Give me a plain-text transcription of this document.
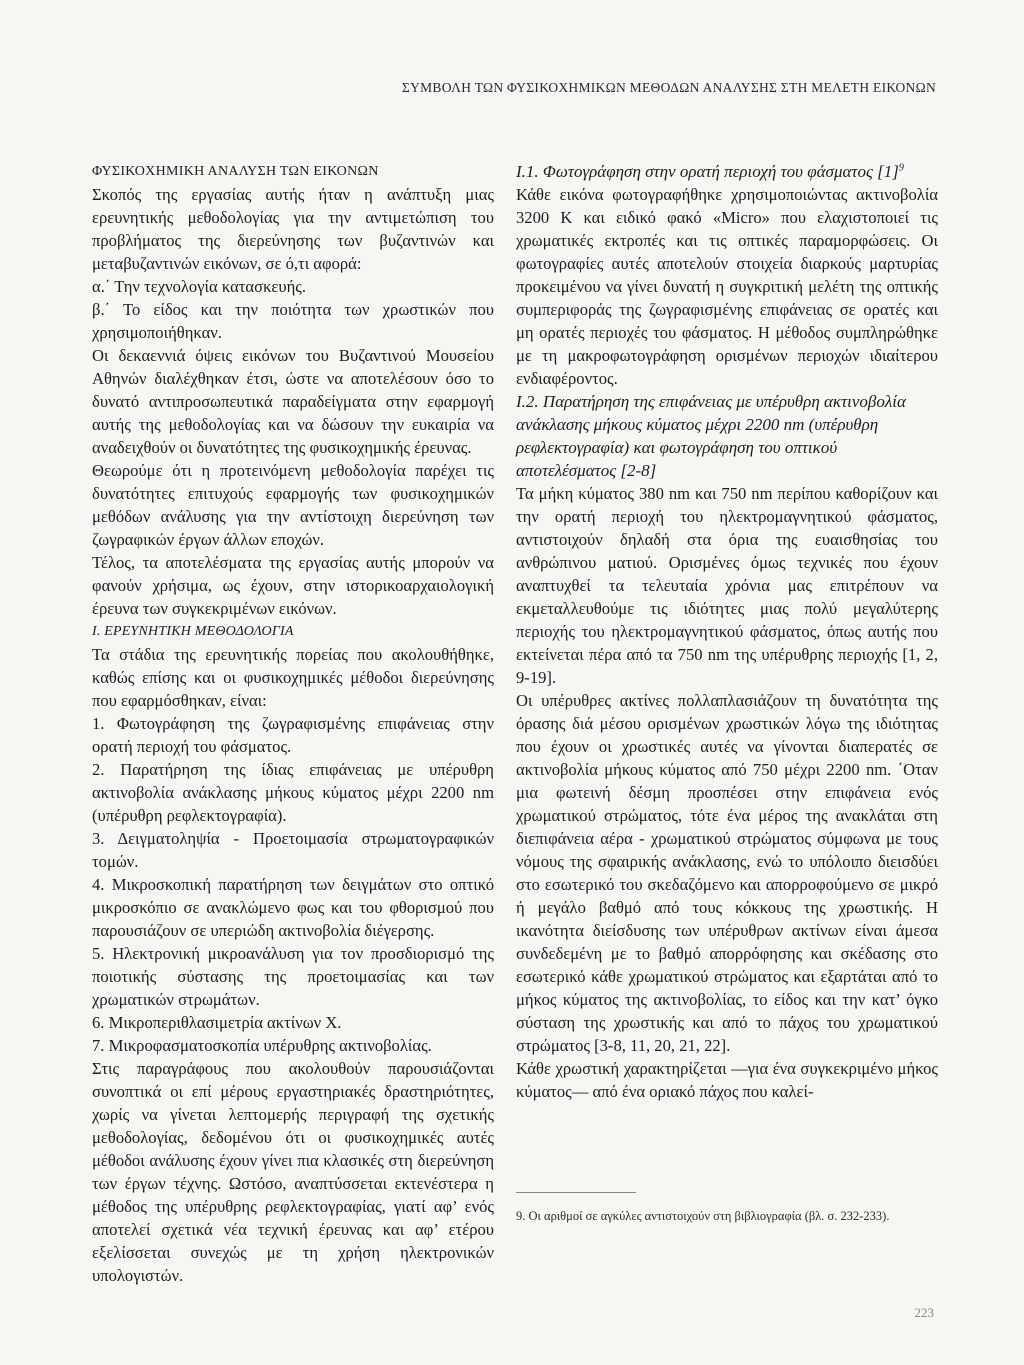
ΣΥΜΒΟΛΗ ΤΩΝ ΦΥΣΙΚΟΧΗΜΙΚΩΝ ΜΕΘΟΔΩΝ ΑΝΑΛΥΣΗΣ ΣΤΗ ΜΕΛΕΤΗ ΕΙΚΟΝΩΝ

ΦΥΣΙΚΟΧΗΜΙΚΗ ΑΝΑΛΥΣΗ ΤΩΝ ΕΙΚΟΝΩΝ

Σκοπός της εργασίας αυτής ήταν η ανάπτυξη μιας ερευνητικής μεθοδολογίας για την αντιμετώπιση του προβλήματος της διερεύνησης των βυζαντινών και μεταβυζαντινών εικόνων, σε ό,τι αφορά:

α.΄ Την τεχνολογία κατασκευής.

β.΄ Το είδος και την ποιότητα των χρωστικών που χρησιμοποιήθηκαν.

Οι δεκαεννιά όψεις εικόνων του Βυζαντινού Μουσείου Αθηνών διαλέχθηκαν έτσι, ώστε να αποτελέσουν όσο το δυνατό αντιπροσωπευτικά παραδείγματα στην εφαρμογή αυτής της μεθοδολογίας και να δώσουν την ευκαιρία να αναδειχθούν οι δυνατότητες της φυσικοχημικής έρευνας.

Θεωρούμε ότι η προτεινόμενη μεθοδολογία παρέχει τις δυνατότητες επιτυχούς εφαρμογής των φυσικοχημικών μεθόδων ανάλυσης για την αντίστοιχη διερεύνηση των ζωγραφικών έργων άλλων εποχών.

Τέλος, τα αποτελέσματα της εργασίας αυτής μπορούν να φανούν χρήσιμα, ως έχουν, στην ιστορικοαρχαιολογική έρευνα των συγκεκριμένων εικόνων.

Ι. ΕΡΕΥΝΗΤΙΚΗ ΜΕΘΟΔΟΛΟΓΙΑ

Τα στάδια της ερευνητικής πορείας που ακολουθήθηκε, καθώς επίσης και οι φυσικοχημικές μέθοδοι διερεύνησης που εφαρμόσθηκαν, είναι:

1. Φωτογράφηση της ζωγραφισμένης επιφάνειας στην ορατή περιοχή του φάσματος.

2. Παρατήρηση της ίδιας επιφάνειας με υπέρυθρη ακτινοβολία ανάκλασης μήκους κύματος μέχρι 2200 nm (υπέρυθρη ρεφλεκτογραφία).

3. Δειγματοληψία - Προετοιμασία στρωματογραφικών τομών.

4. Μικροσκοπική παρατήρηση των δειγμάτων στο οπτικό μικροσκόπιο σε ανακλώμενο φως και του φθορισμού που παρουσιάζουν σε υπεριώδη ακτινοβολία διέγερσης.

5. Ηλεκτρονική μικροανάλυση για τον προσδιορισμό της ποιοτικής σύστασης της προετοιμασίας και των χρωματικών στρωμάτων.

6. Μικροπεριθλασιμετρία ακτίνων Χ.

7. Μικροφασματοσκοπία υπέρυθρης ακτινοβολίας.

Στις παραγράφους που ακολουθούν παρουσιάζονται συνοπτικά οι επί μέρους εργαστηριακές δραστηριότητες, χωρίς να γίνεται λεπτομερής περιγραφή της σχετικής μεθοδολογίας, δεδομένου ότι οι φυσικοχημικές αυτές μέθοδοι ανάλυσης έχουν γίνει πια κλασικές στη διερεύνηση των έργων τέχνης. Ωστόσο, αναπτύσσεται εκτενέστερα η μέθοδος της υπέρυθρης ρεφλεκτογραφίας, γιατί αφ’ ενός αποτελεί σχετικά νέα τεχνική έρευνας και αφ’ ετέρου εξελίσσεται συνεχώς με τη χρήση ηλεκτρονικών υπολογιστών.

Ι.1. Φωτογράφηση στην ορατή περιοχή του φάσματος $[1]^9$

Κάθε εικόνα φωτογραφήθηκε χρησιμοποιώντας ακτινοβολία 3200 Κ και ειδικό φακό «Micro» που ελαχιστοποιεί τις χρωματικές εκτροπές και τις οπτικές παραμορφώσεις. Οι φωτογραφίες αυτές αποτελούν στοιχεία διαρκούς μαρτυρίας προκειμένου να γίνει δυνατή η συγκριτική μελέτη της οπτικής συμπεριφοράς της ζωγραφισμένης επιφάνειας σε ορατές και μη ορατές περιοχές του φάσματος. Η μέθοδος συμπληρώθηκε με τη μακροφωτογράφηση ορισμένων περιοχών ιδιαίτερου ενδιαφέροντος.

Ι.2. Παρατήρηση της επιφάνειας με υπέρυθρη ακτινοβολία ανάκλασης μήκους κύματος μέχρι 2200 nm (υπέρυθρη ρεφλεκτογραφία) και φωτογράφηση του οπτικού αποτελέσματος [2-8]

Τα μήκη κύματος 380 nm και 750 nm περίπου καθορίζουν και την ορατή περιοχή του ηλεκτρομαγνητικού φάσματος, αντιστοιχούν δηλαδή στα όρια της ευαισθησίας του ανθρώπινου ματιού. Ορισμένες όμως τεχνικές που έχουν αναπτυχθεί τα τελευταία χρόνια μας επιτρέπουν να εκμεταλλευθούμε τις ιδιότητες μιας πολύ μεγαλύτερης περιοχής του ηλεκτρομαγνητικού φάσματος, όπως αυτής που εκτείνεται πέρα από τα 750 nm της υπέρυθρης περιοχής [1, 2, 9-19].

Οι υπέρυθρες ακτίνες πολλαπλασιάζουν τη δυνατότητα της όρασης διά μέσου ορισμένων χρωστικών λόγω της ιδιότητας που έχουν οι χρωστικές αυτές να γίνονται διαπερατές σε ακτινοβολία μήκους κύματος από 750 μέχρι 2200 nm. ΄Οταν μια φωτεινή δέσμη προσπέσει στην επιφάνεια ενός χρωματικού στρώματος, τότε ένα μέρος της ανακλάται στη διεπιφάνεια αέρα - χρωματικού στρώματος σύμφωνα με τους νόμους της σφαιρικής ανάκλασης, ενώ το υπόλοιπο διεισδύει στο εσωτερικό του σκεδαζόμενο και απορροφούμενο σε μικρό ή μεγάλο βαθμό από τους κόκκους της χρωστικής. Η ικανότητα διείσδυσης των υπέρυθρων ακτίνων είναι άμεσα συνδεδεμένη με το βαθμό απορρόφησης και σκέδασης στο εσωτερικό κάθε χρωματικού στρώματος και εξαρτάται από το μήκος κύματος της ακτινοβολίας, το είδος και την κατ’ όγκο σύσταση της χρωστικής και από το πάχος του χρωματικού στρώματος [3-8, 11, 20, 21, 22].

Κάθε χρωστική χαρακτηρίζεται —για ένα συγκεκριμένο μήκος κύματος— από ένα οριακό πάχος που καλεί-

9. Οι αριθμοί σε αγκύλες αντιστοιχούν στη βιβλιογραφία (βλ. σ. 232-233).
223
